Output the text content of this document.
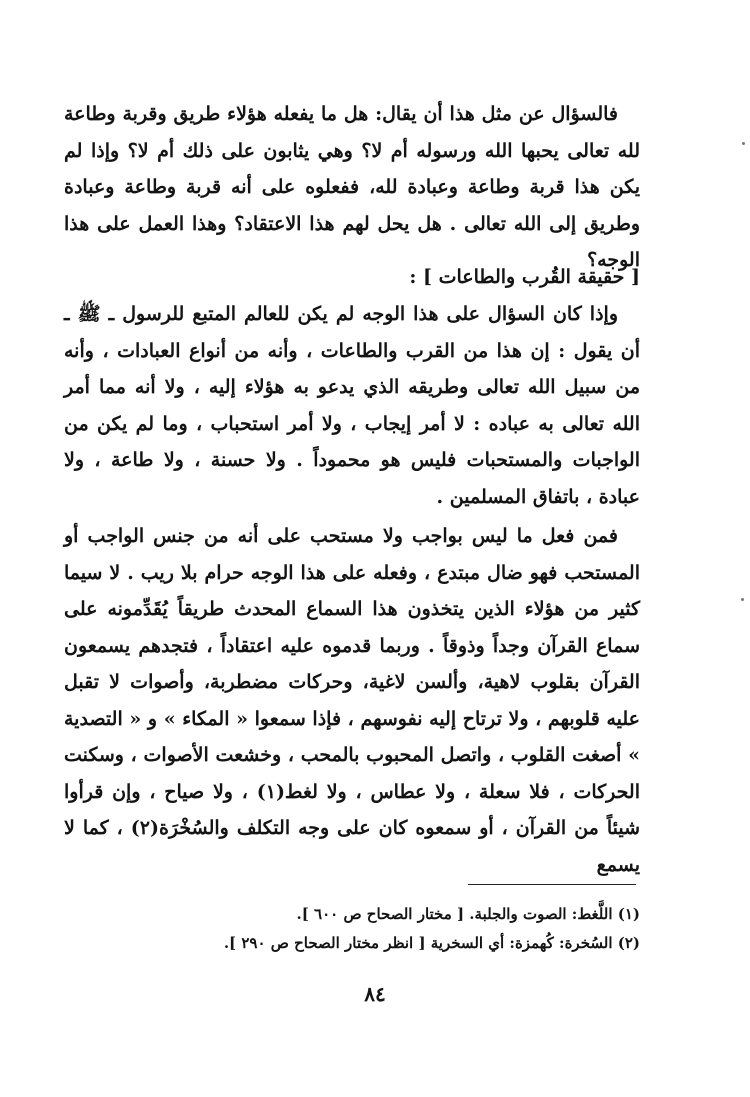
فالسؤال عن مثل هذا أن يقال: هل ما يفعله هؤلاء طريق وقربة وطاعة لله تعالى يحبها الله ورسوله أم لا؟ وهي يثابون على ذلك أم لا؟ وإذا لم يكن هذا قربة وطاعة وعبادة لله، ففعلوه على أنه قربة وطاعة وعبادة وطريق إلى الله تعالى . هل يحل لهم هذا الاعتقاد؟ وهذا العمل على هذا الوجه؟
[ حقيقة القُرب والطاعات ] :
وإذا كان السؤال على هذا الوجه لم يكن للعالم المتبع للرسول ـ ﷺ ـ أن يقول : إن هذا من القرب والطاعات ، وأنه من أنواع العبادات ، وأنه من سبيل الله تعالى وطريقه الذي يدعو به هؤلاء إليه ، ولا أنه مما أمر الله تعالى به عباده : لا أمر إيجاب ، ولا أمر استحباب ، وما لم يكن من الواجبات والمستحبات فليس هو محموداً . ولا حسنة ، ولا طاعة ، ولا عبادة ، باتفاق المسلمين .
فمن فعل ما ليس بواجب ولا مستحب على أنه من جنس الواجب أو المستحب فهو ضال مبتدع ، وفعله على هذا الوجه حرام بلا ريب . لا سيما كثير من هؤلاء الذين يتخذون هذا السماع المحدث طريقاً يُقَدِّمونه على سماع القرآن وجداً وذوقاً . وربما قدموه عليه اعتقاداً ، فتجدهم يسمعون القرآن بقلوب لاهية، وألسن لاغية، وحركات مضطربة، وأصوات لا تقبل عليه قلوبهم ، ولا ترتاح إليه نفوسهم ، فإذا سمعوا « المكاء » و « التصدية » أصغت القلوب ، واتصل المحبوب بالمحب ، وخشعت الأصوات ، وسكنت الحركات ، فلا سعلة ، ولا عطاس ، ولا لغط(١) ، ولا صياح ، وإن قرأوا شيئاً من القرآن ، أو سمعوه كان على وجه التكلف والسُخْرَة(٢) ، كما لا يسمع
(١) اللَّغط: الصوت والجلبة. [ مختار الصحاح ص ٦٠٠ ].
(٢) السُخرة: كُهمزة: أي السخرية [ انظر مختار الصحاح ص ٢٩٠ ].
٨٤
